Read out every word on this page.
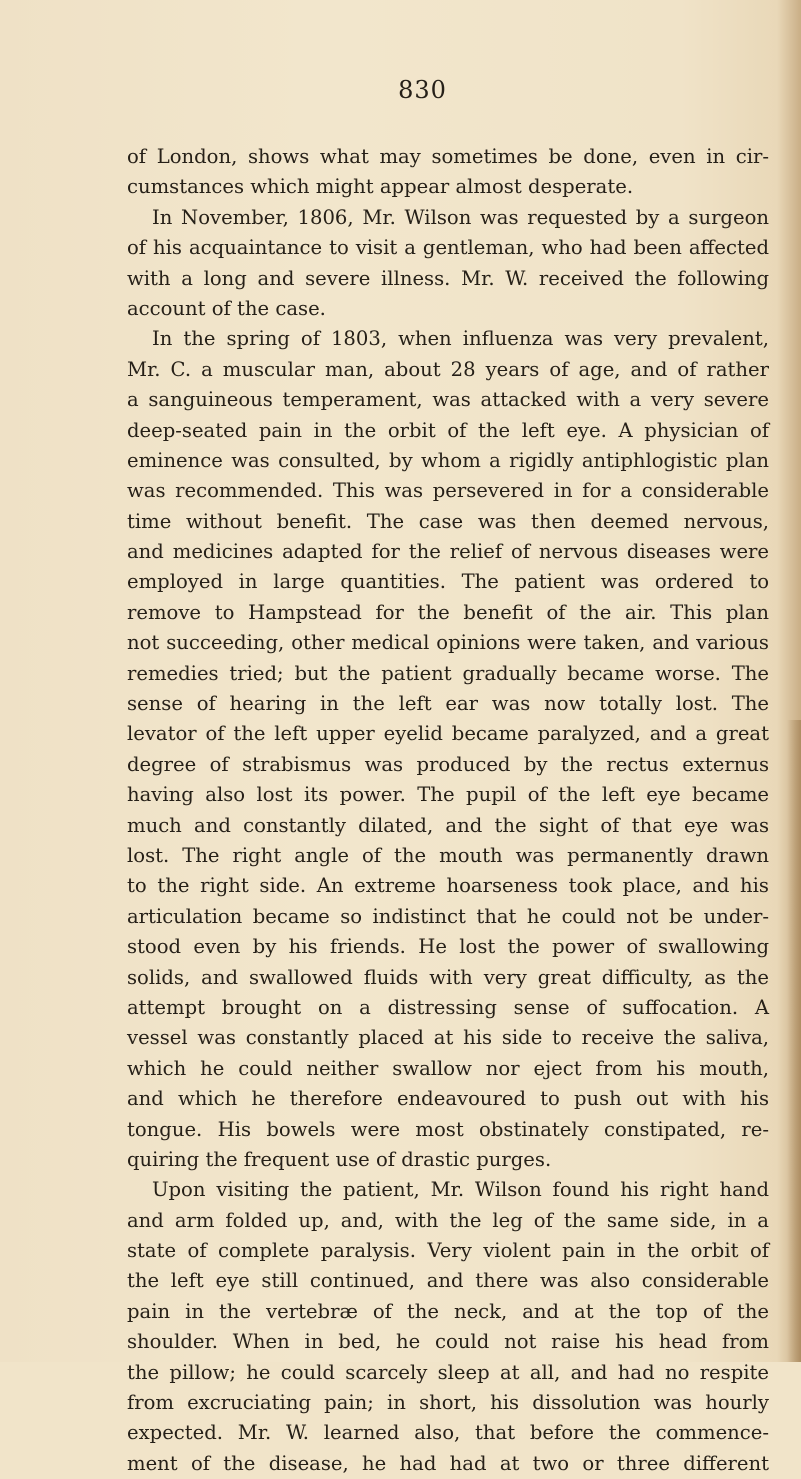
830
of London, shows what may sometimes be done, even in cir-
cumstances which might appear almost desperate.
In November, 1806, Mr. Wilson was requested by a surgeon
of his acquaintance to visit a gentleman, who had been affected
with a long and severe illness. Mr. W. received the following
account of the case.
In the spring of 1803, when influenza was very prevalent,
Mr. C. a muscular man, about 28 years of age, and of rather
a sanguineous temperament, was attacked with a very severe
deep-seated pain in the orbit of the left eye. A physician of
eminence was consulted, by whom a rigidly antiphlogistic plan
was recommended. This was persevered in for a considerable
time without benefit. The case was then deemed nervous,
and medicines adapted for the relief of nervous diseases were
employed in large quantities. The patient was ordered to
remove to Hampstead for the benefit of the air. This plan
not succeeding, other medical opinions were taken, and various
remedies tried; but the patient gradually became worse. The
sense of hearing in the left ear was now totally lost. The
levator of the left upper eyelid became paralyzed, and a great
degree of strabismus was produced by the rectus externus
having also lost its power. The pupil of the left eye became
much and constantly dilated, and the sight of that eye was
lost. The right angle of the mouth was permanently drawn
to the right side. An extreme hoarseness took place, and his
articulation became so indistinct that he could not be under-
stood even by his friends. He lost the power of swallowing
solids, and swallowed fluids with very great difficulty, as the
attempt brought on a distressing sense of suffocation. A
vessel was constantly placed at his side to receive the saliva,
which he could neither swallow nor eject from his mouth,
and which he therefore endeavoured to push out with his
tongue. His bowels were most obstinately constipated, re-
quiring the frequent use of drastic purges.
Upon visiting the patient, Mr. Wilson found his right hand
and arm folded up, and, with the leg of the same side, in a
state of complete paralysis. Very violent pain in the orbit of
the left eye still continued, and there was also considerable
pain in the vertebræ of the neck, and at the top of the
shoulder. When in bed, he could not raise his head from
the pillow; he could scarcely sleep at all, and had no respite
from excruciating pain; in short, his dissolution was hourly
expected. Mr. W. learned also, that before the commence-
ment of the disease, he had had at two or three different
